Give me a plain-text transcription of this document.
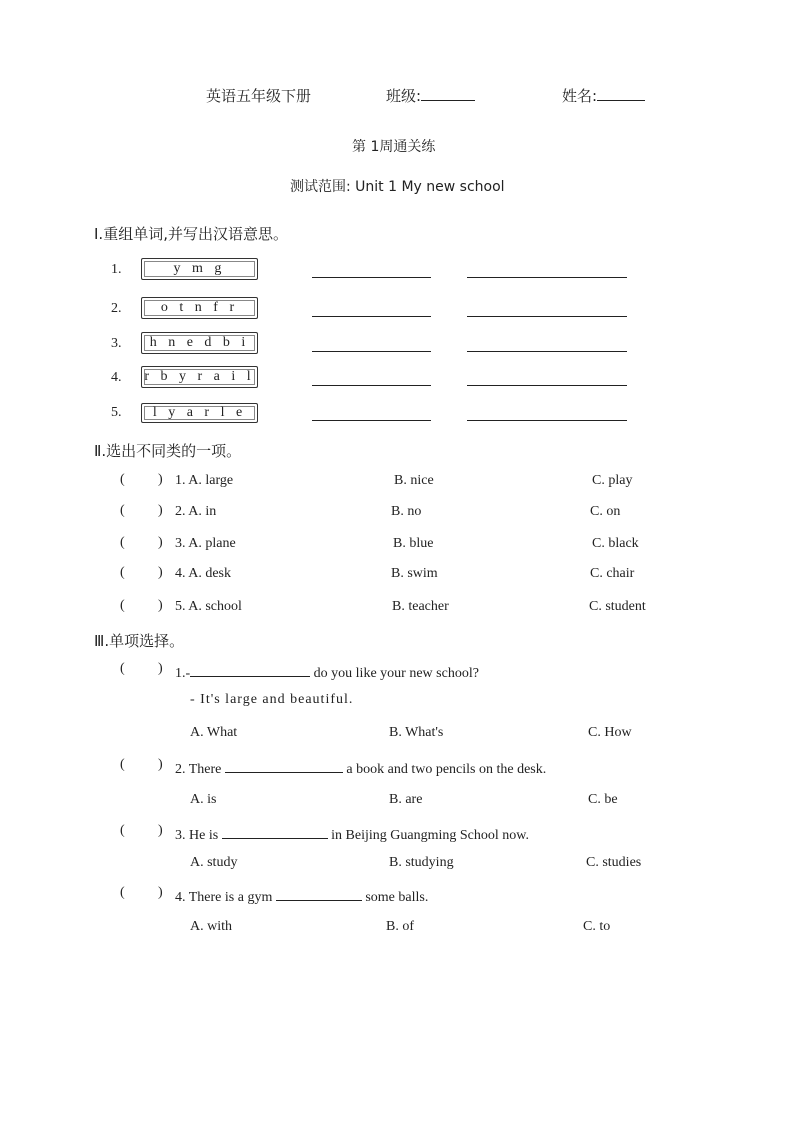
英语五年级下册	班级:	姓名:
第 1周通关练
测试范围: Unit 1 My new school
I.重组单词,并写出汉语意思。
1.	y m g
2.	o t n f r
3.	h n e d b i
4. r b y r a i l
5.	l y a r l e
Ⅱ.选出不同类的一项。
( ) 1. A. large	B. nice	C. play
( ) 2. A. in	B. no	C. on
( ) 3. A. plane	B. blue	C. black
( ) 4. A. desk	B. swim	C. chair
( ) 5. A. school	B. teacher	C. student
Ⅲ.单项选择。
( ) 1.-	do you like your new school?
- It's large and beautiful.
A. What	B. What's	C. How
( ) 2. There	a book and two pencils on the desk.
A. is	B. are	C. be
( ) 3. He is	in Beijing Guangming School now.
A. study	B. studying	C. studies
( ) 4. There is a gym	some balls.
A. with	B. of	C. to
